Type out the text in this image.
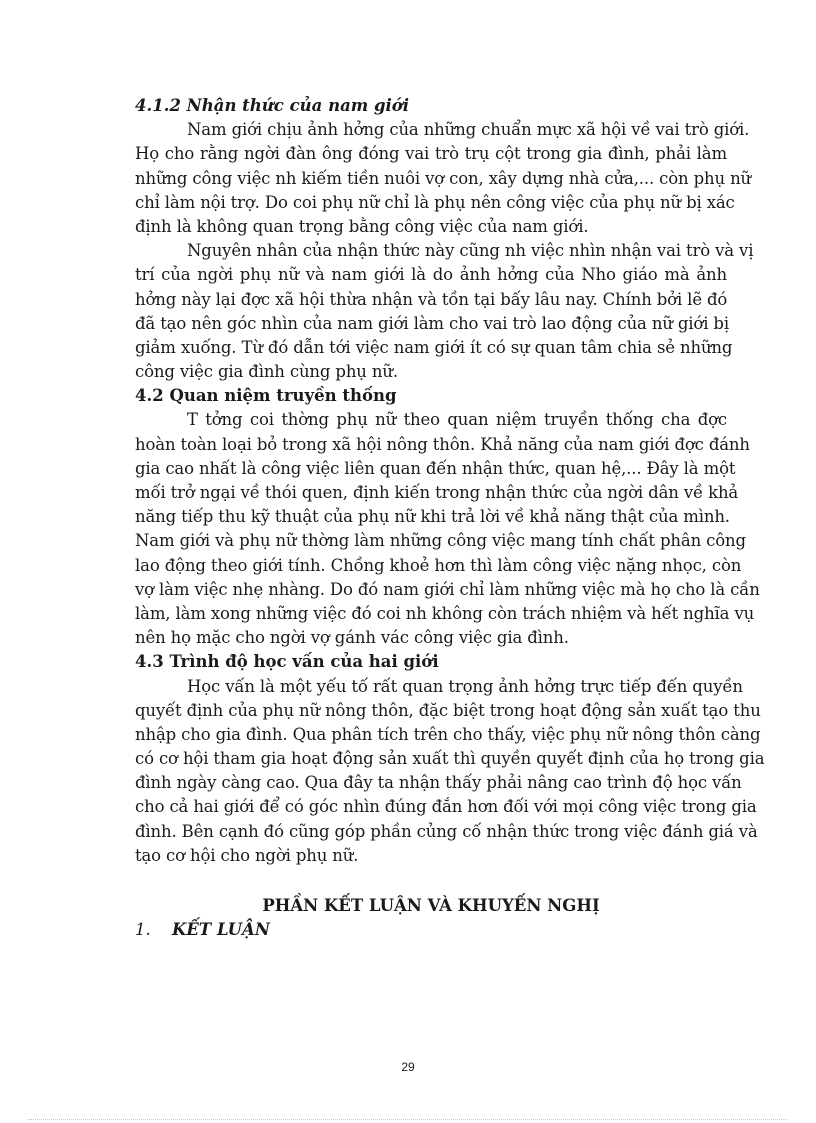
4.1.2 Nhận thức của nam giới
Nam giới chịu ảnh hởng của những chuẩn mực xã hội về vai trò giới.
Họ cho rằng ngời đàn ông đóng vai trò trụ cột trong gia đình, phải làm
những công việc nh kiếm tiền nuôi vợ con, xây dựng nhà cửa,... còn phụ nữ
chỉ làm nội trợ. Do coi phụ nữ chỉ là phụ nên công việc của phụ nữ bị xác
định là không quan trọng bằng công việc của nam giới.
Nguyên nhân của nhận thức này cũng nh việc nhìn nhận vai trò và vị
trí của ngời phụ nữ và nam giới là do ảnh hởng của Nho giáo mà ảnh
hởng này lại đợc xã hội thừa nhận và tồn tại bấy lâu nay. Chính bởi lẽ đó
đã tạo nên góc nhìn của nam giới làm cho vai trò lao động của nữ giới bị
giảm xuống. Từ đó dẫn tới việc nam giới ít có sự quan tâm chia sẻ những
công việc gia đình cùng phụ nữ.
4.2 Quan niệm truyền thống
T tởng coi thờng phụ nữ theo quan niệm truyền thống cha đợc
hoàn toàn loại bỏ trong xã hội nông thôn. Khả năng của nam giới đợc đánh
gia cao nhất là công việc liên quan đến nhận thức, quan hệ,... Đây là một
mối trở ngại về thói quen, định kiến trong nhận thức của ngời dân về khả
năng tiếp thu kỹ thuật của phụ nữ khi trả lời về khả năng thật của mình.
Nam giới và phụ nữ thờng làm những công việc mang tính chất phân công
lao động theo giới tính. Chồng khoẻ hơn thì làm công việc nặng nhọc, còn
vợ làm việc nhẹ nhàng. Do đó nam giới chỉ làm những việc mà họ cho là cần
làm, làm xong những việc đó coi nh không còn trách nhiệm và hết nghĩa vụ
nên họ mặc cho ngời vợ gánh vác công việc gia đình.
4.3 Trình độ học vấn của hai giới
Học vấn là một yếu tố rất quan trọng ảnh hởng trực tiếp đến quyền
quyết định của phụ nữ nông thôn, đặc biệt trong hoạt động sản xuất tạo thu
nhập cho gia đình. Qua phân tích trên cho thấy, việc phụ nữ nông thôn càng
có cơ hội tham gia hoạt động sản xuất thì quyền quyết định của họ trong gia
đình ngày càng cao. Qua đây ta nhận thấy phải nâng cao trình độ học vấn
cho cả hai giới để có góc nhìn đúng đắn hơn đối với mọi công việc trong gia
đình. Bên cạnh đó cũng góp phần củng cố nhận thức trong việc đánh giá và
tạo cơ hội cho ngời phụ nữ.
PHẦN KẾT LUẬN VÀ KHUYẾN NGHỊ
1. KẾT LUẬN
29
